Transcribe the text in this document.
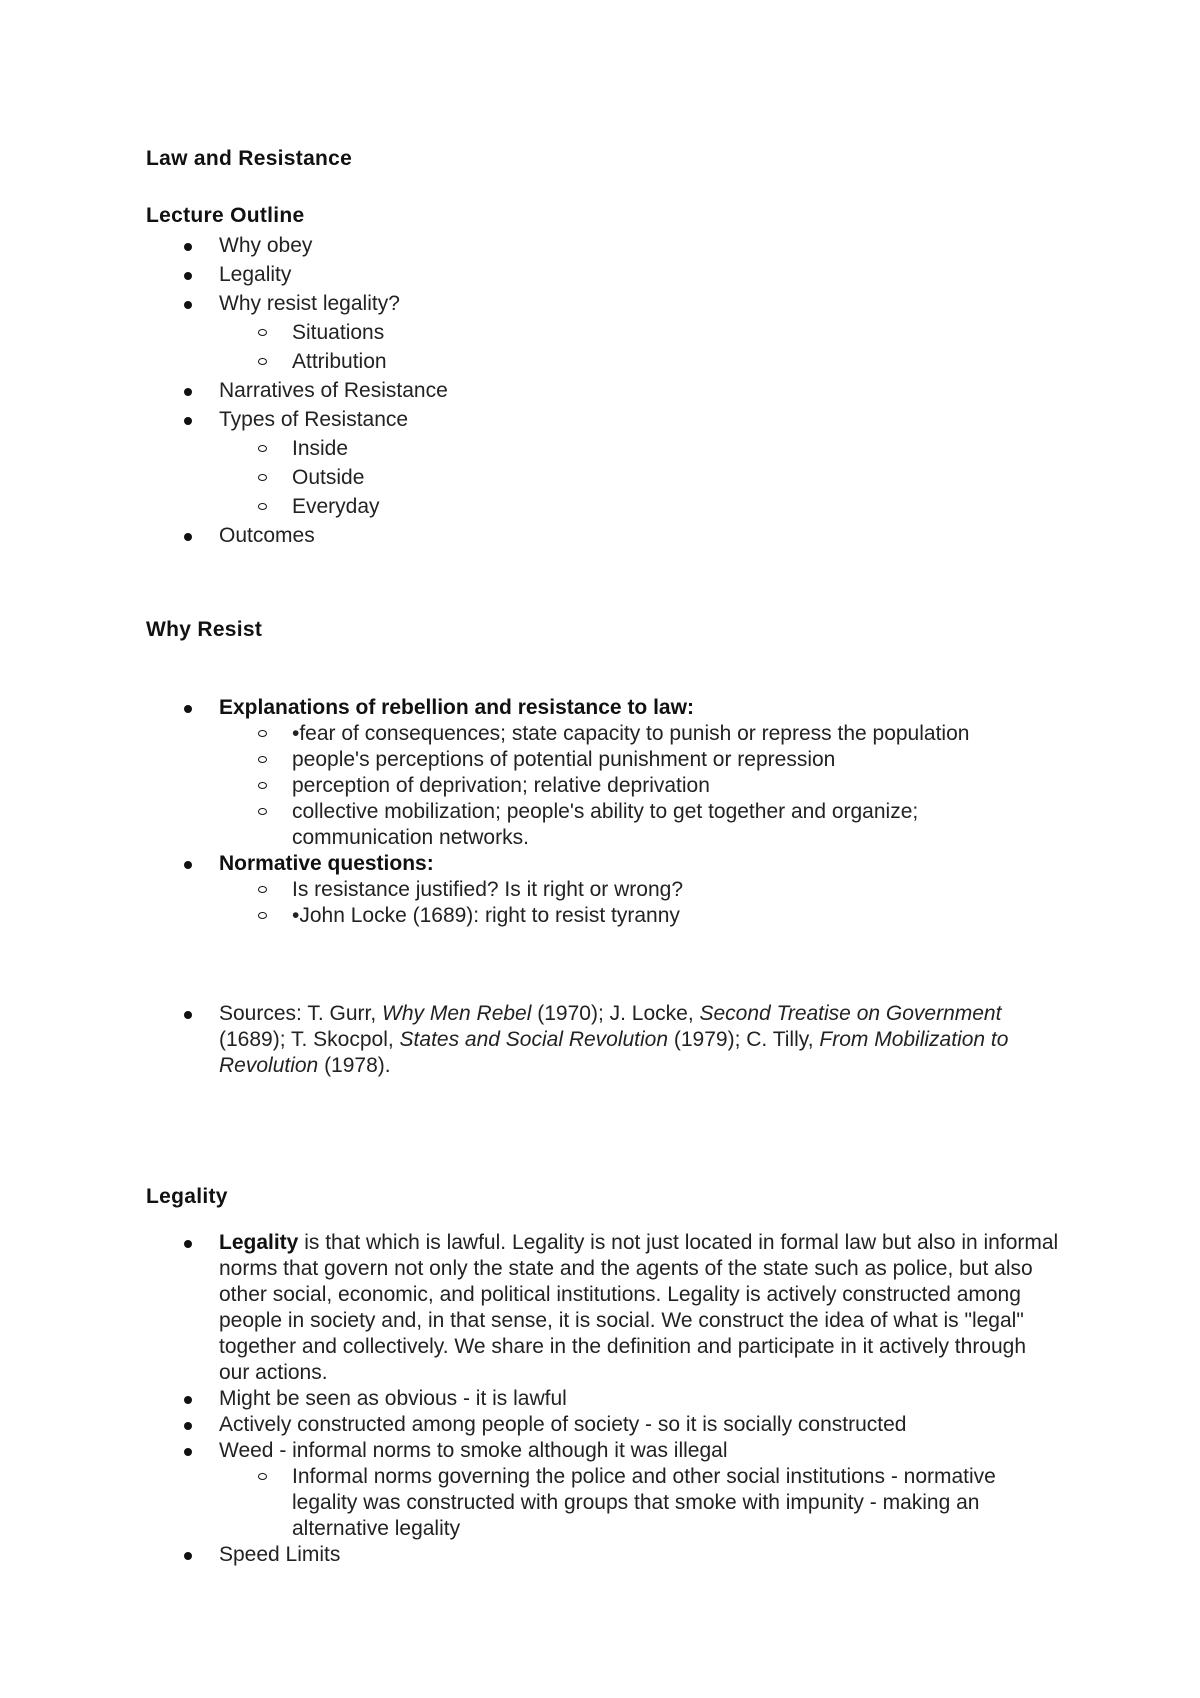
Law and Resistance
Lecture Outline
Why obey
Legality
Why resist legality?
Situations
Attribution
Narratives of Resistance
Types of Resistance
Inside
Outside
Everyday
Outcomes
Why Resist
Explanations of rebellion and resistance to law:
•fear of consequences; state capacity to punish or repress the population
people's perceptions of potential punishment or repression
perception of deprivation; relative deprivation
collective mobilization; people's ability to get together and organize; communication networks.
Normative questions:
Is resistance justified? Is it right or wrong?
•John Locke (1689): right to resist tyranny
Sources: T. Gurr, Why Men Rebel (1970); J. Locke, Second Treatise on Government (1689); T. Skocpol, States and Social Revolution (1979); C. Tilly, From Mobilization to Revolution (1978).
Legality
Legality is that which is lawful. Legality is not just located in formal law but also in informal norms that govern not only the state and the agents of the state such as police, but also other social, economic, and political institutions. Legality is actively constructed among people in society and, in that sense, it is social. We construct the idea of what is "legal" together and collectively. We share in the definition and participate in it actively through our actions.
Might be seen as obvious - it is lawful
Actively constructed among people of society - so it is socially constructed
Weed - informal norms to smoke although it was illegal
Informal norms governing the police and other social institutions - normative legality was constructed with groups that smoke with impunity - making an alternative legality
Speed Limits
